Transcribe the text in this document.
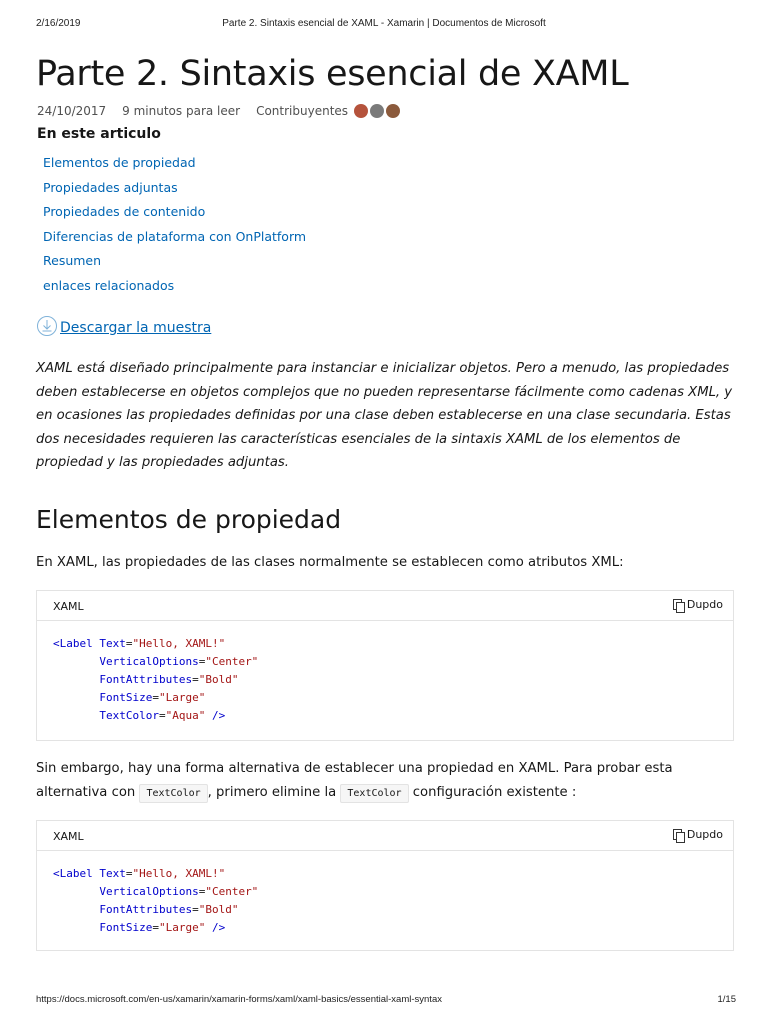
2/16/2019	Parte 2. Sintaxis esencial de XAML - Xamarin | Documentos de Microsoft
Parte 2. Sintaxis esencial de XAML
24/10/2017 9 minutos para leer Contribuyentes
En este articulo
Elementos de propiedad
Propiedades adjuntas
Propiedades de contenido
Diferencias de plataforma con OnPlatform
Resumen
enlaces relacionados
Descargar la muestra

XAML está diseñado principalmente para instanciar e inicializar objetos. Pero a menudo, las propiedades deben establecerse en objetos complejos que no pueden representarse fácilmente como cadenas XML, y en ocasiones las propiedades definidas por una clase deben establecerse en una clase secundaria. Estas dos necesidades requieren las características esenciales de la sintaxis XAML de los elementos de propiedad y las propiedades adjuntas.

Elementos de propiedad

En XAML, las propiedades de las clases normalmente se establecen como atributos XML:

XAML	Dupdo
<Label Text="Hello, XAML!"
VerticalOptions="Center"
FontAttributes="Bold"
FontSize="Large"
TextColor="Aqua" />

Sin embargo, hay una forma alternativa de establecer una propiedad en XAML. Para probar esta alternativa con TextColor , primero elimine la TextColor configuración existente :

XAML	Dupdo
<Label Text="Hello, XAML!"
VerticalOptions="Center"
FontAttributes="Bold"
FontSize="Large" />
https://docs.microsoft.com/en-us/xamarin/xamarin-forms/xaml/xaml-basics/essential-xaml-syntax	1/15
